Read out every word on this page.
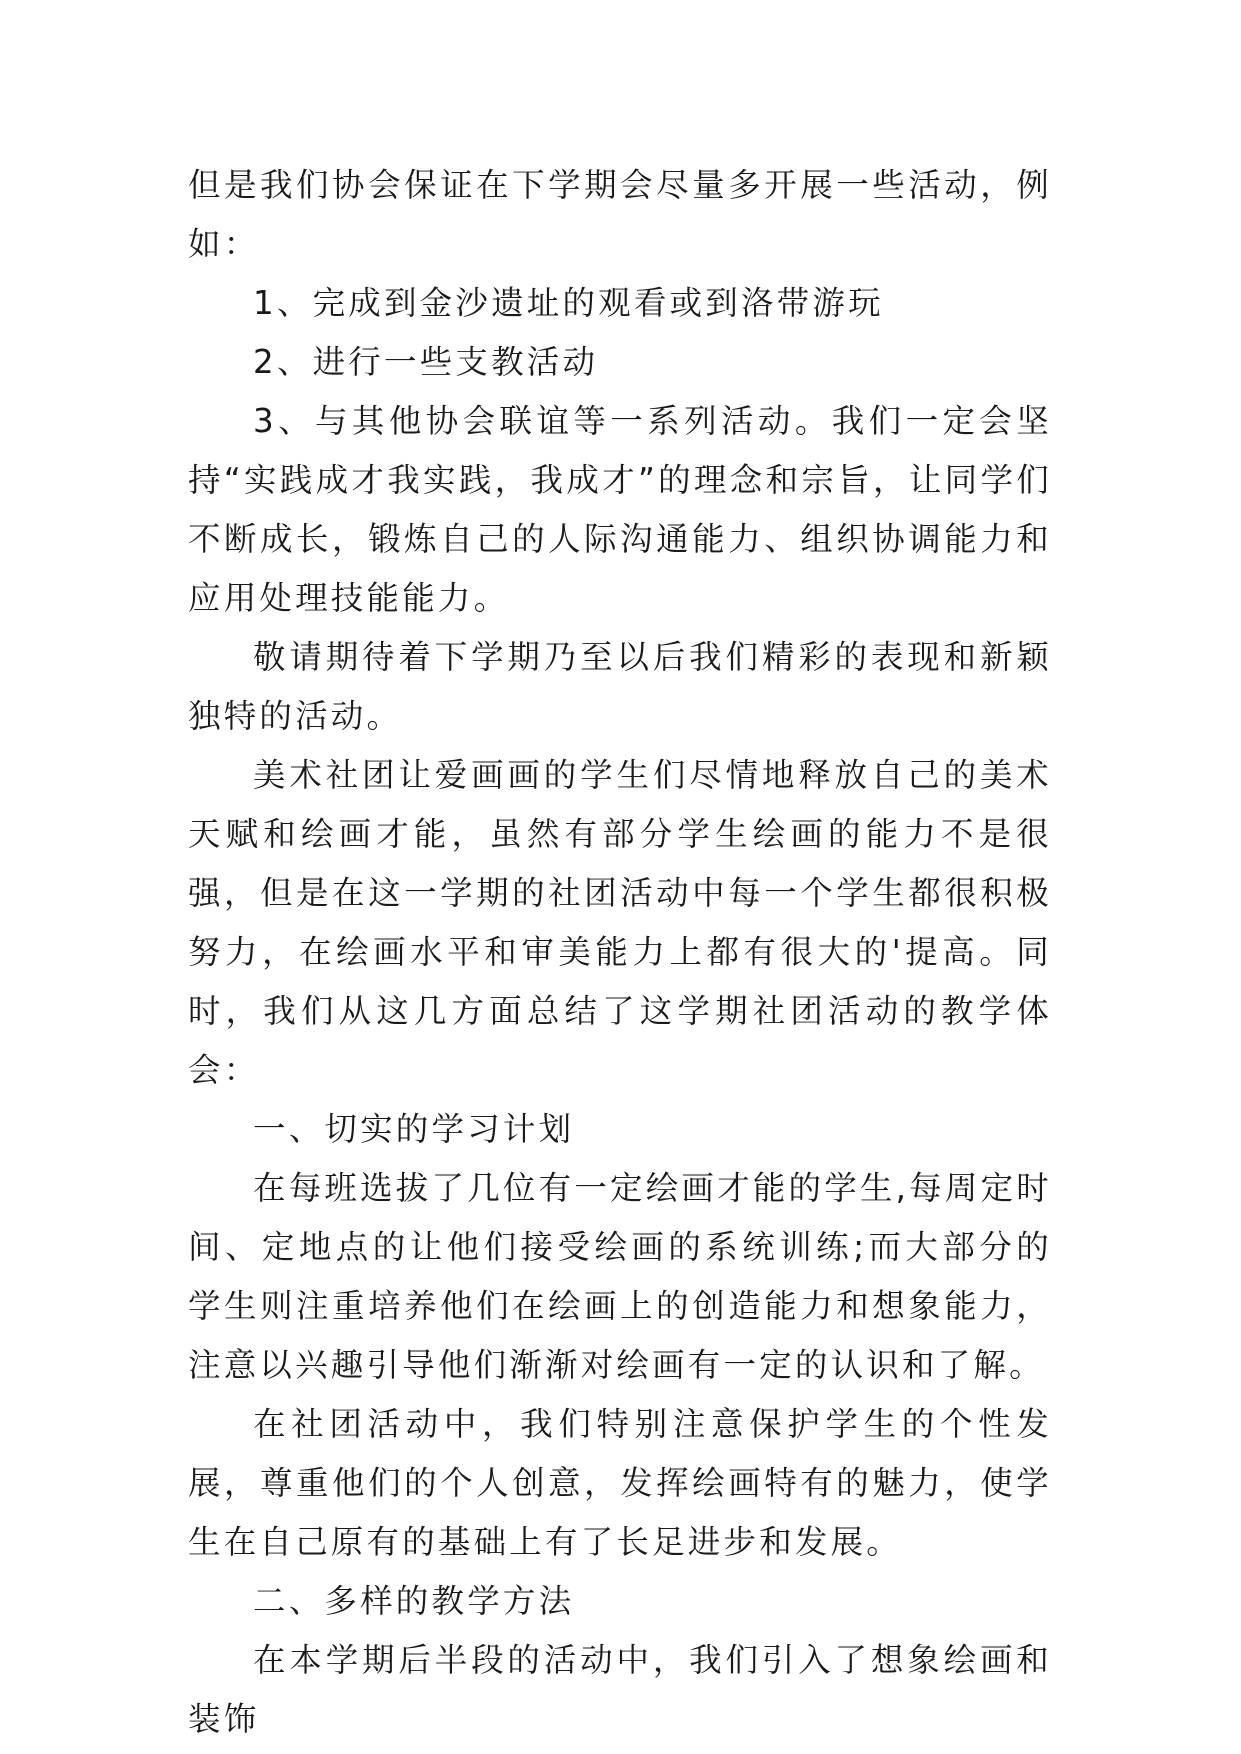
但是我们协会保证在下学期会尽量多开展一些活动，例如：

1、完成到金沙遗址的观看或到洛带游玩

2、进行一些支教活动

3、与其他协会联谊等一系列活动。我们一定会坚持“实践成才我实践，我成才”的理念和宗旨，让同学们不断成长，锻炼自己的人际沟通能力、组织协调能力和应用处理技能能力。

敬请期待着下学期乃至以后我们精彩的表现和新颖独特的活动。

美术社团让爱画画的学生们尽情地释放自己的美术天赋和绘画才能，虽然有部分学生绘画的能力不是很强，但是在这一学期的社团活动中每一个学生都很积极努力，在绘画水平和审美能力上都有很大的'提高。同时，我们从这几方面总结了这学期社团活动的教学体会：

一、切实的学习计划

在每班选拔了几位有一定绘画才能的学生,每周定时间、定地点的让他们接受绘画的系统训练;而大部分的学生则注重培养他们在绘画上的创造能力和想象能力，注意以兴趣引导他们渐渐对绘画有一定的认识和了解。

在社团活动中，我们特别注意保护学生的个性发展，尊重他们的个人创意，发挥绘画特有的魅力，使学生在自己原有的基础上有了长足进步和发展。

二、多样的教学方法

在本学期后半段的活动中，我们引入了想象绘画和装饰
